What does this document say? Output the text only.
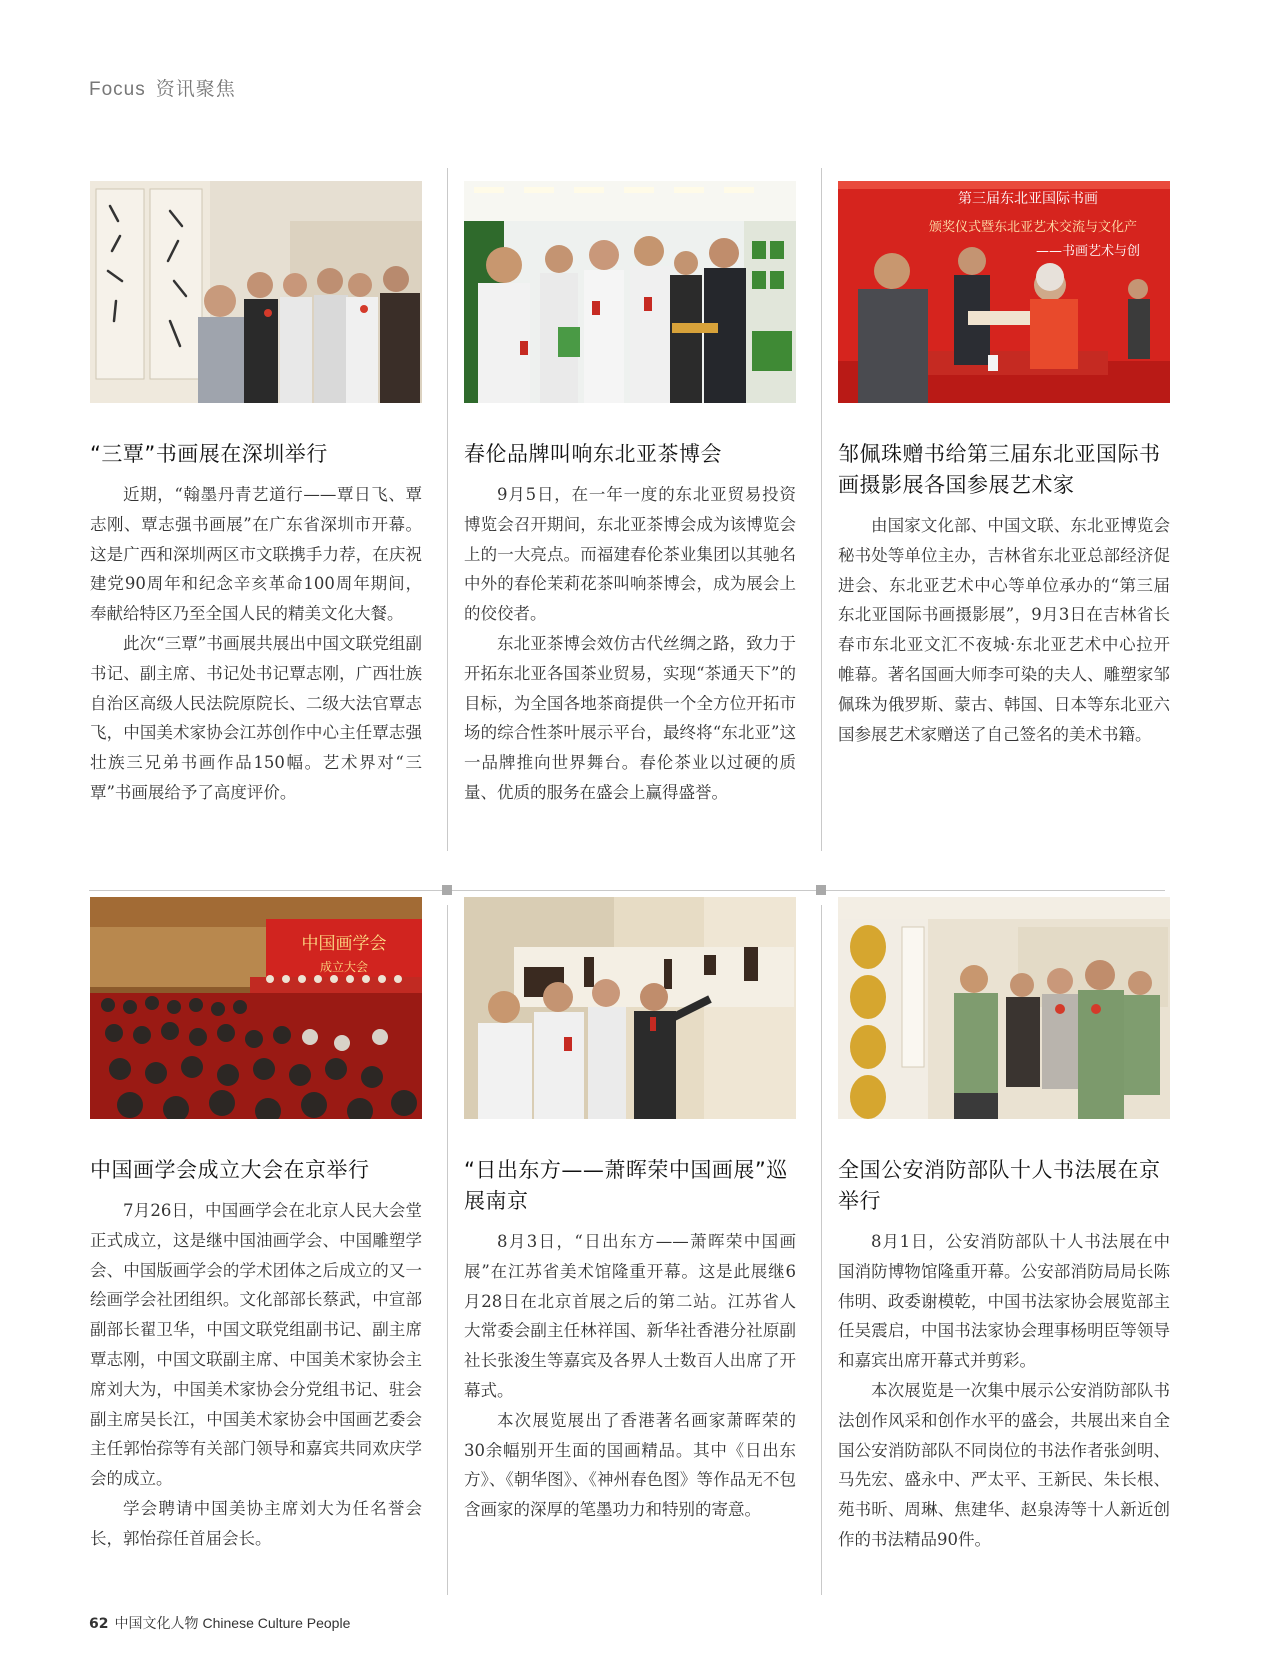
Focus 资讯聚焦
“三覃”书画展在深圳举行

近期，“翰墨丹青艺道行——覃日飞、覃志刚、覃志强书画展”在广东省深圳市开幕。这是广西和深圳两区市文联携手力荐，在庆祝建党90周年和纪念辛亥革命100周年期间，奉献给特区乃至全国人民的精美文化大餐。

此次“三覃”书画展共展出中国文联党组副书记、副主席、书记处书记覃志刚，广西壮族自治区高级人民法院原院长、二级大法官覃志飞，中国美术家协会江苏创作中心主任覃志强壮族三兄弟书画作品150幅。艺术界对“三覃”书画展给予了高度评价。

春伦品牌叫响东北亚茶博会

9月5日，在一年一度的东北亚贸易投资博览会召开期间，东北亚茶博会成为该博览会上的一大亮点。而福建春伦茶业集团以其驰名中外的春伦茉莉花茶叫响茶博会，成为展会上的佼佼者。

东北亚茶博会效仿古代丝绸之路，致力于开拓东北亚各国茶业贸易，实现“茶通天下”的目标，为全国各地茶商提供一个全方位开拓市场的综合性茶叶展示平台，最终将“东北亚”这一品牌推向世界舞台。春伦茶业以过硬的质量、优质的服务在盛会上赢得盛誉。

第三届东北亚国际书画
颁奖仪式暨东北亚艺术交流与文化产
——书画艺术与创
邹佩珠赠书给第三届东北亚国际书画摄影展各国参展艺术家

由国家文化部、中国文联、东北亚博览会秘书处等单位主办，吉林省东北亚总部经济促进会、东北亚艺术中心等单位承办的“第三届东北亚国际书画摄影展”，9月3日在吉林省长春市东北亚文汇不夜城·东北亚艺术中心拉开帷幕。著名国画大师李可染的夫人、雕塑家邹佩珠为俄罗斯、蒙古、韩国、日本等东北亚六国参展艺术家赠送了自己签名的美术书籍。

中国画学会
成立大会
中国画学会成立大会在京举行

7月26日，中国画学会在北京人民大会堂正式成立，这是继中国油画学会、中国雕塑学会、中国版画学会的学术团体之后成立的又一绘画学会社团组织。文化部部长蔡武，中宣部副部长翟卫华，中国文联党组副书记、副主席覃志刚，中国文联副主席、中国美术家协会主席刘大为，中国美术家协会分党组书记、驻会副主席吴长江，中国美术家协会中国画艺委会主任郭怡孮等有关部门领导和嘉宾共同欢庆学会的成立。

学会聘请中国美协主席刘大为任名誉会长，郭怡孮任首届会长。

“日出东方——萧晖荣中国画展”巡展南京

8月3日，“日出东方——萧晖荣中国画展”在江苏省美术馆隆重开幕。这是此展继6月28日在北京首展之后的第二站。江苏省人大常委会副主任林祥国、新华社香港分社原副社长张浚生等嘉宾及各界人士数百人出席了开幕式。

本次展览展出了香港著名画家萧晖荣的30余幅别开生面的国画精品。其中《日出东方》、《朝华图》、《神州春色图》等作品无不包含画家的深厚的笔墨功力和特别的寄意。

全国公安消防部队十人书法展在京举行

8月1日，公安消防部队十人书法展在中国消防博物馆隆重开幕。公安部消防局局长陈伟明、政委谢模乾，中国书法家协会展览部主任吴震启，中国书法家协会理事杨明臣等领导和嘉宾出席开幕式并剪彩。

本次展览是一次集中展示公安消防部队书法创作风采和创作水平的盛会，共展出来自全国公安消防部队不同岗位的书法作者张剑明、马先宏、盛永中、严太平、王新民、朱长根、苑书昕、周琳、焦建华、赵泉涛等十人新近创作的书法精品90件。

62 中国文化人物 Chinese Culture People
